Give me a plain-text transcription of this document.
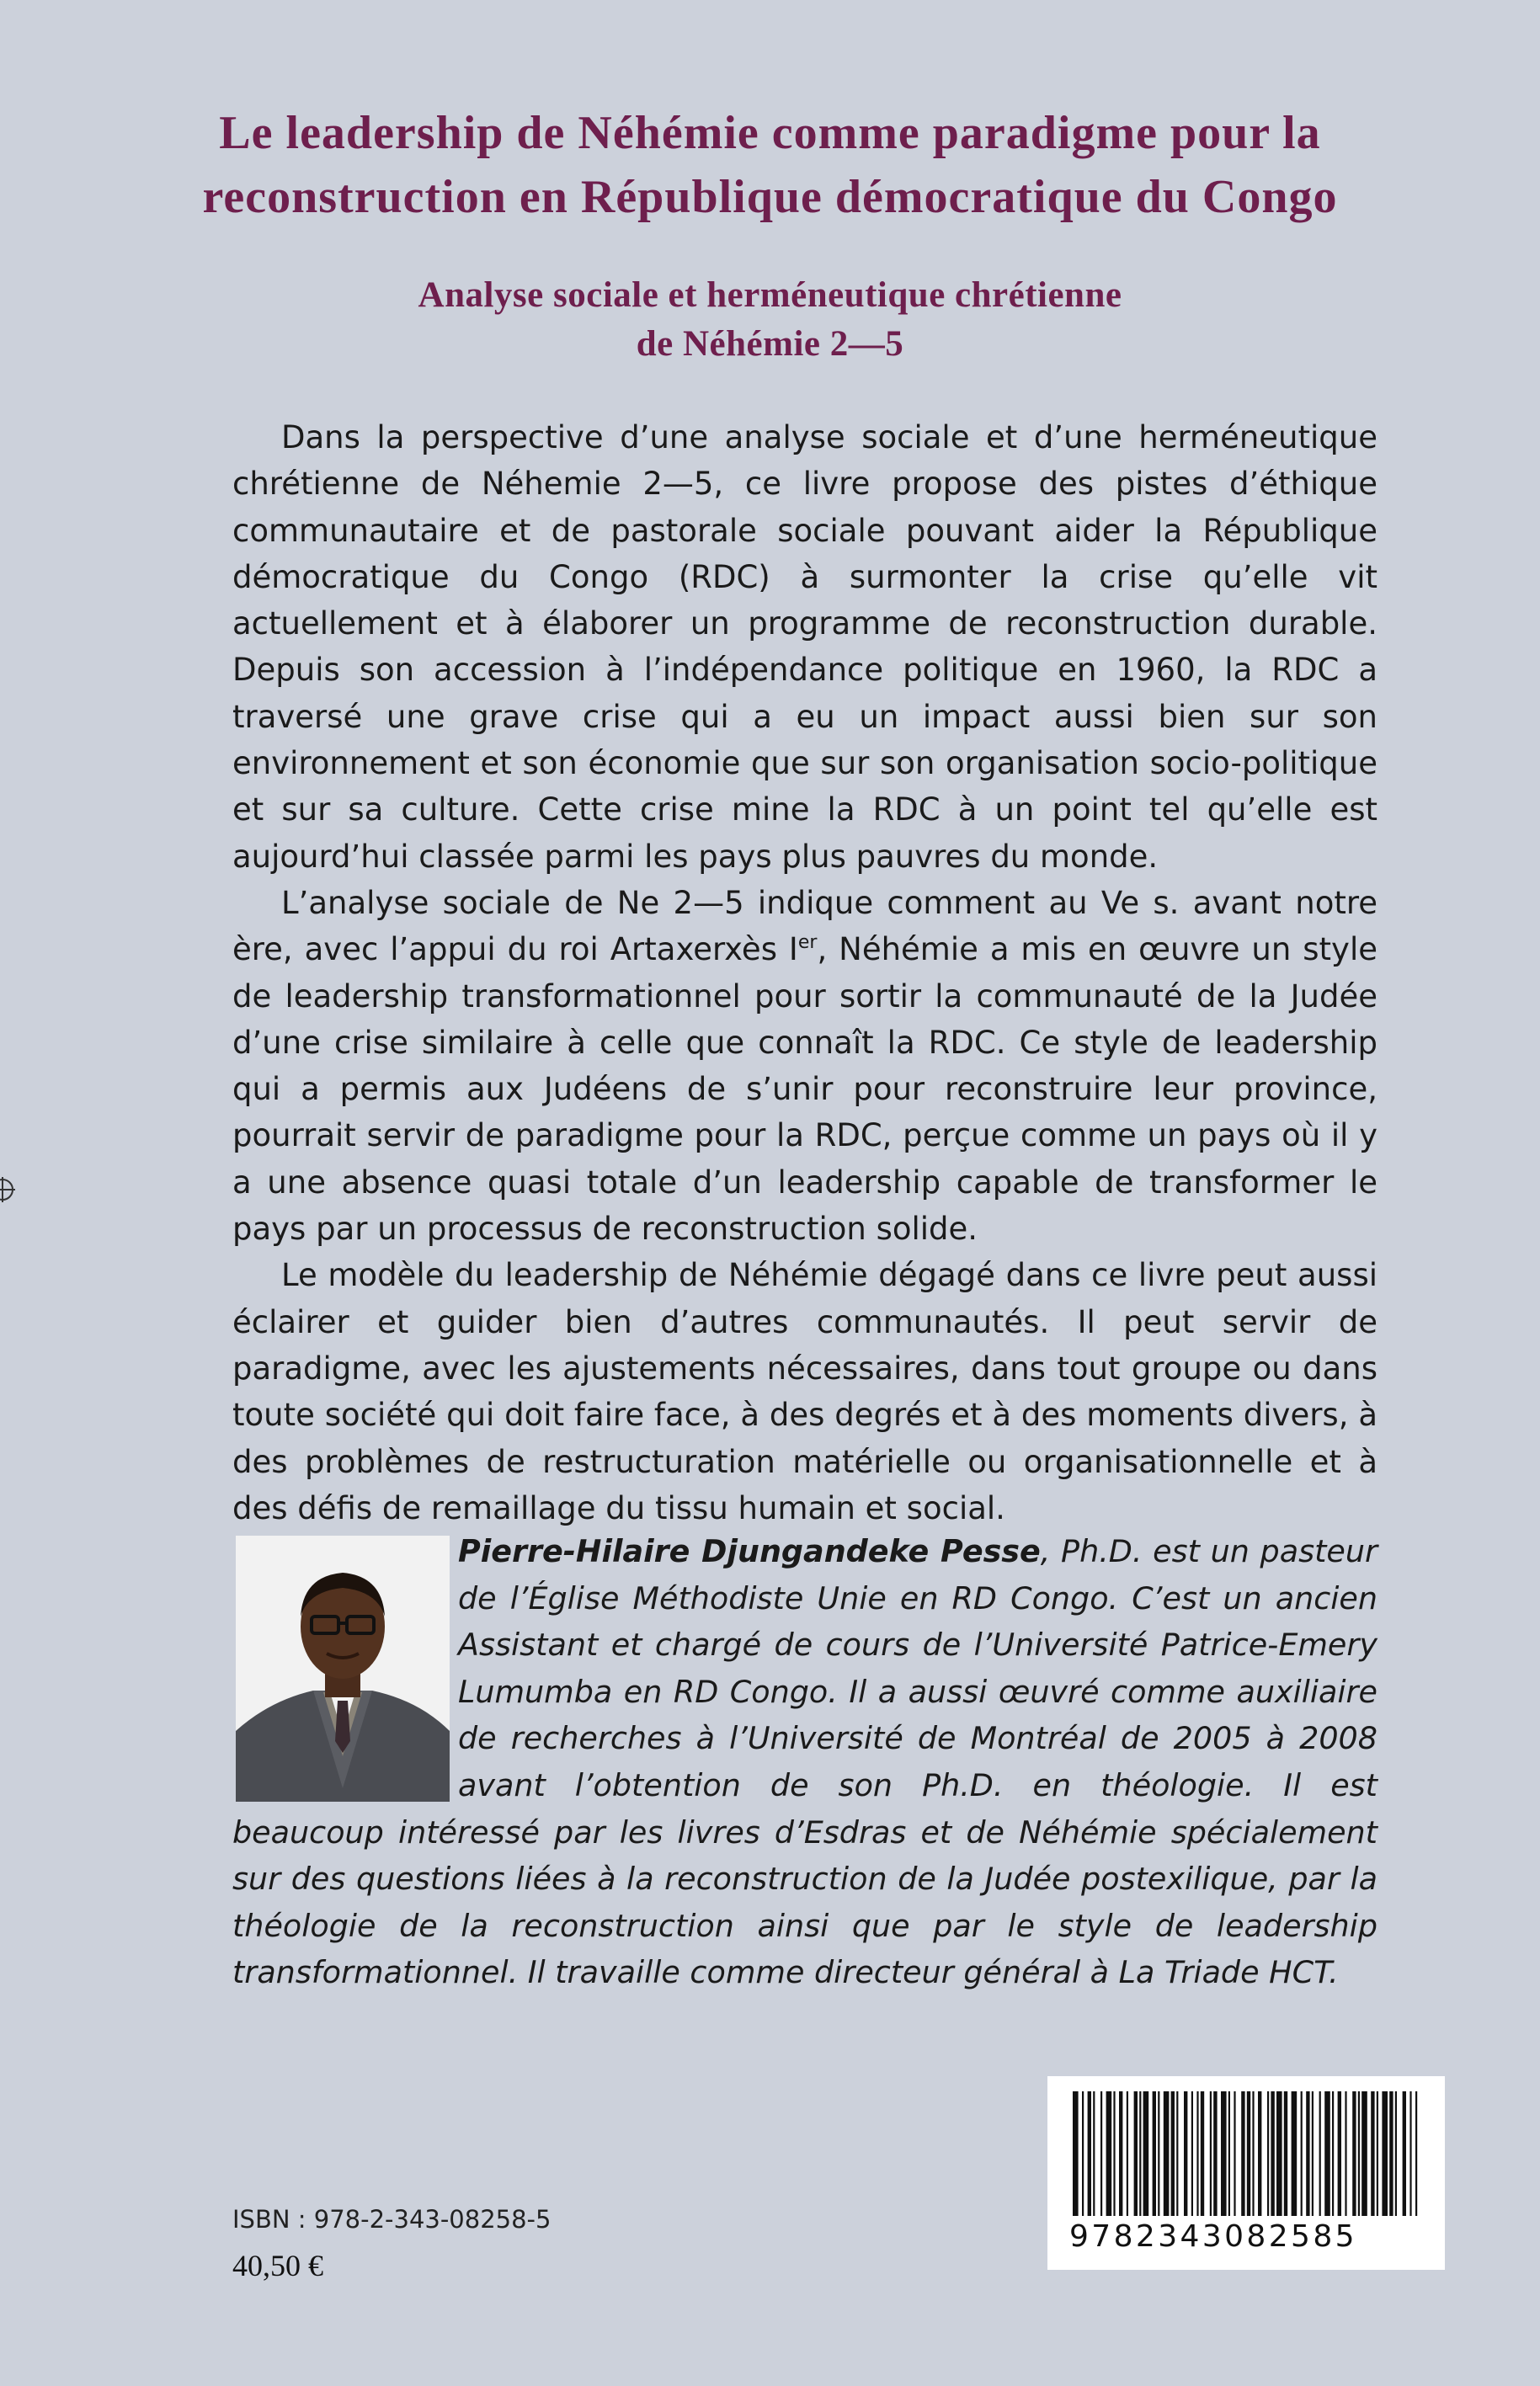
Le leadership de Néhémie comme paradigme pour la
reconstruction en République démocratique du Congo
Analyse sociale et herméneutique chrétienne
de Néhémie 2—5

Dans la perspective d’une analyse sociale et d’une herméneutique chrétienne de Néhemie 2—5, ce livre propose des pistes d’éthique communautaire et de pastorale sociale pouvant aider la République démocratique du Congo (RDC) à surmonter la crise qu’elle vit actuellement et à élaborer un programme de reconstruction durable. Depuis son accession à l’indépendance politique en 1960, la RDC a traversé une grave crise qui a eu un impact aussi bien sur son environnement et son économie que sur son organisation socio-politique et sur sa culture. Cette crise mine la RDC à un point tel qu’elle est aujourd’hui classée parmi les pays plus pauvres du monde.

L’analyse sociale de Ne 2—5 indique comment au Ve s. avant notre ère, avec l’appui du roi Artaxerxès Ier, Néhémie a mis en œuvre un style de leadership transformationnel pour sortir la communauté de la Judée d’une crise similaire à celle que connaît la RDC. Ce style de leadership qui a permis aux Judéens de s’unir pour reconstruire leur province, pourrait servir de paradigme pour la RDC, perçue comme un pays où il y a une absence quasi totale d’un leadership capable de transformer le pays par un processus de reconstruction solide.

Le modèle du leadership de Néhémie dégagé dans ce livre peut aussi éclairer et guider bien d’autres communautés. Il peut servir de paradigme, avec les ajustements nécessaires, dans tout groupe ou dans toute société qui doit faire face, à des degrés et à des moments divers, à des problèmes de restructuration matérielle ou organisationnelle et à des défis de remaillage du tissu humain et social.

Pierre-Hilaire Djungandeke Pesse, Ph.D. est un pasteur de l’Église Méthodiste Unie en RD Congo. C’est un ancien Assistant et chargé de cours de l’Université Patrice-Emery Lumumba en RD Congo. Il a aussi œuvré comme auxiliaire de recherches à l’Université de Montréal de 2005 à 2008 avant l’obtention de son Ph.D. en théologie. Il est beaucoup intéressé par les livres d’Esdras et de Néhémie spécialement sur des questions liées à la reconstruction de la Judée postexilique, par la théologie de la reconstruction ainsi que par le style de leadership transformationnel. Il travaille comme directeur général à La Triade HCT.
9782343082585
ISBN : 978-2-343-08258-5
40,50 €
